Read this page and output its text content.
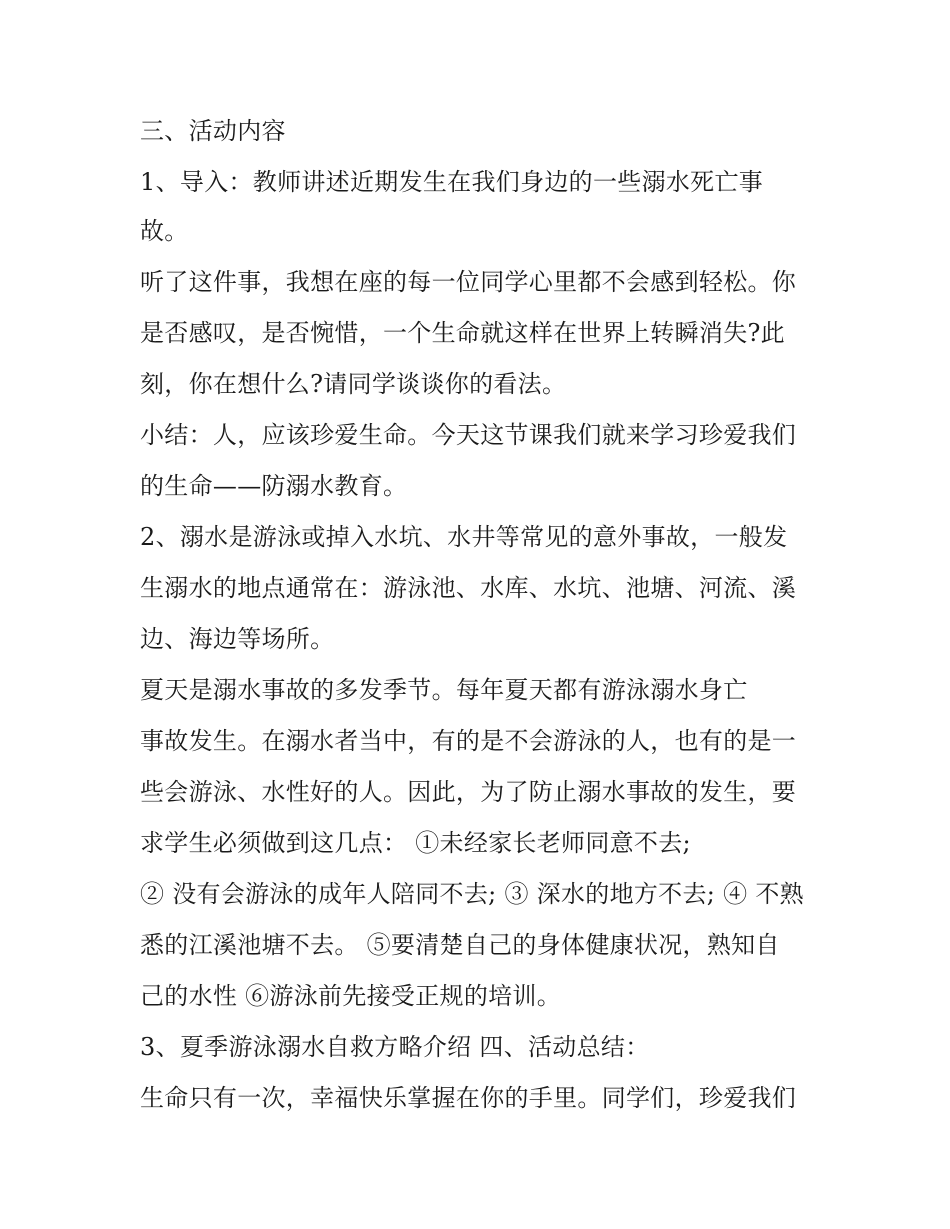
三、活动内容
1、导入：教师讲述近期发生在我们身边的一些溺水死亡事
故。
听了这件事，我想在座的每一位同学心里都不会感到轻松。你
是否感叹，是否惋惜，一个生命就这样在世界上转瞬消失?此
刻，你在想什么?请同学谈谈你的看法。
小结：人，应该珍爱生命。今天这节课我们就来学习珍爱我们
的生命——防溺水教育。
2、溺水是游泳或掉入水坑、水井等常见的意外事故，一般发
生溺水的地点通常在：游泳池、水库、水坑、池塘、河流、溪
边、海边等场所。
夏天是溺水事故的多发季节。每年夏天都有游泳溺水身亡
事故发生。在溺水者当中，有的是不会游泳的人，也有的是一
些会游泳、水性好的人。因此，为了防止溺水事故的发生，要
求学生必须做到这几点： ①未经家长老师同意不去;
② 没有会游泳的成年人陪同不去; ③ 深水的地方不去; ④ 不熟
悉的江溪池塘不去。 ⑤要清楚自己的身体健康状况，熟知自
己的水性 ⑥游泳前先接受正规的培训。
3、夏季游泳溺水自救方略介绍 四、活动总结：
生命只有一次，幸福快乐掌握在你的手里。同学们，珍爱我们
